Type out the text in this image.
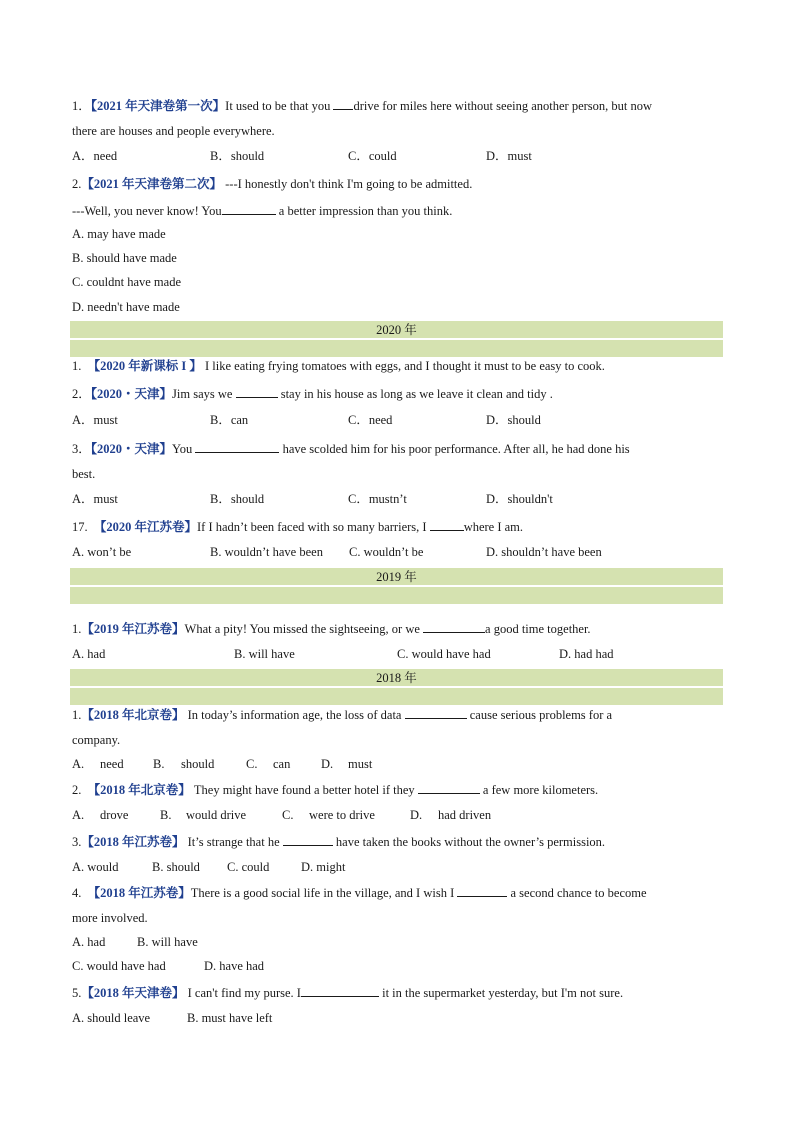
1．【2021 年天津卷第一次】It used to be that you drive for miles here without seeing another person, but now
there are houses and people everywhere.
A．need	B．should	C．could	D．must
2.【2021 年天津卷第二次】 ---I honestly don't think I'm going to be admitted.
---Well, you never know! You	a better impression than you think.
A. may have made
B. should have made
C. couldnt have made
D. needn't have made
2020 年
1. 【2020 年新课标 I 】 I like eating frying tomatoes with eggs, and I thought it must to be easy to cook.
2．【2020・天津】Jim says we	stay in his house as long as we leave it clean and tidy .
A．must	B．can	C．need	D．should
3．【2020・天津】You	have scolded him for his poor performance. After all, he had done his
best.
A．must	B．should	C．mustn’t	D．shouldn't
17. 【2020 年江苏卷】If I hadn’t been faced with so many barriers, I	where I am.
A. won’t be	B. wouldn’t have been C. wouldn’t be	D. shouldn’t have been
2019 年
1.【2019 年江苏卷】What a pity! You missed the sightseeing, or we	a good time together.
A. had	B. will have	C. would have had	D. had had
2018 年
1.【2018 年北京卷】 In today’s information age, the loss of data	cause serious problems for a
company.
A. need B. should	C. can D. must
2. 【2018 年北京卷】 They might have found a better hotel if they	a few more kilometers.
A. drove	B. would drive	C. were to drive	D. had driven
3.【2018 年江苏卷】 It’s strange that he	have taken the books without the owner’s permission.
A. would	B. should C. could	D. might
4. 【2018 年江苏卷】There is a good social life in the village, and I wish I	a second chance to become
more involved.
A. had	B. will have
C. would have had	D. have had
5.【2018 年天津卷】 I can't find my purse. I	it in the supermarket yesterday, but I'm not sure.
A. should leave	B. must have left
